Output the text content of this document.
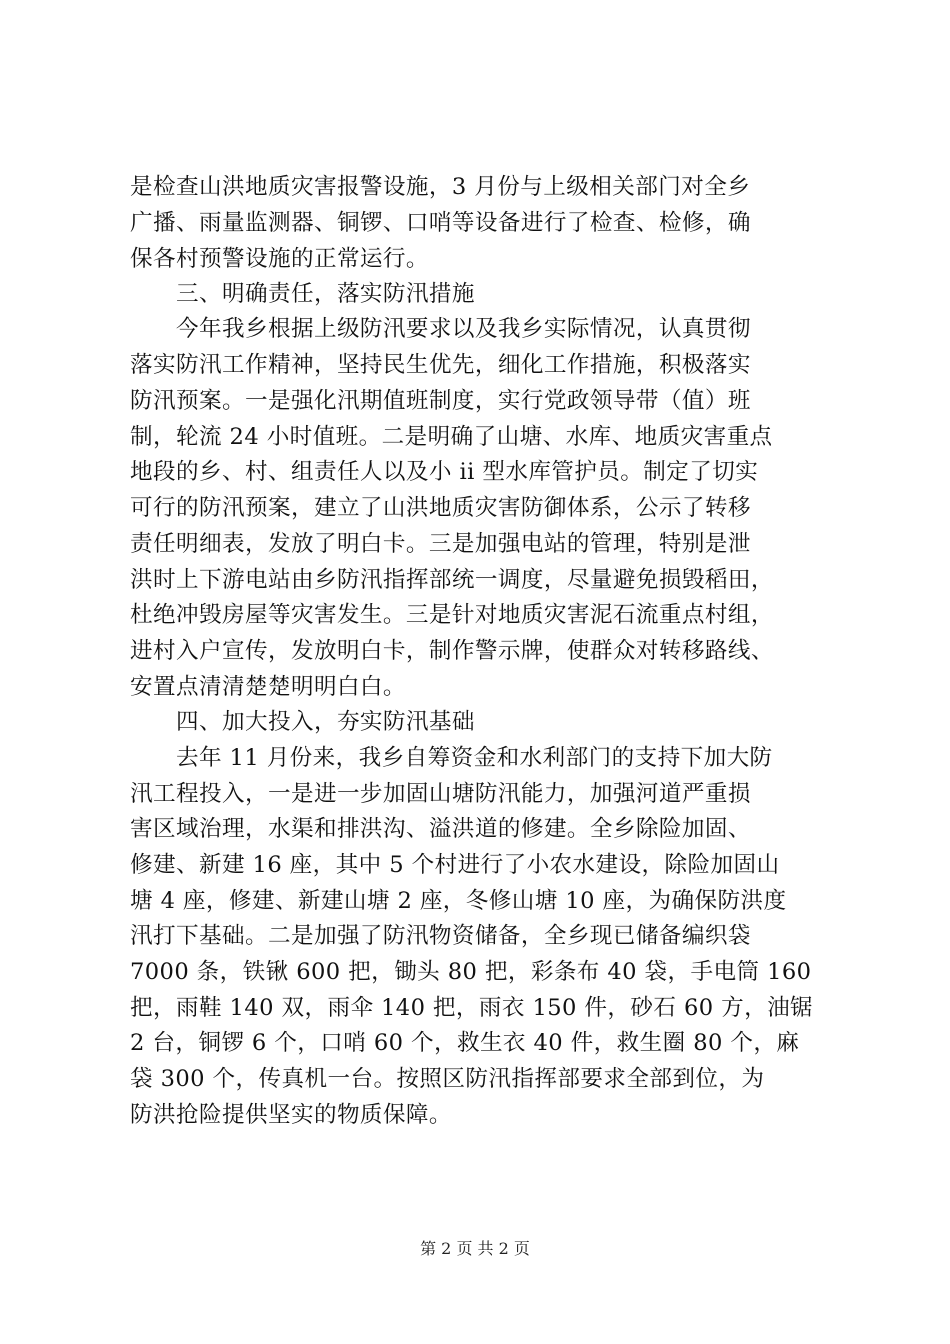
是检查山洪地质灾害报警设施，3 月份与上级相关部门对全乡
广播、雨量监测器、铜锣、口哨等设备进行了检查、检修，确
保各村预警设施的正常运行。
　　三、明确责任，落实防汛措施
　　今年我乡根据上级防汛要求以及我乡实际情况，认真贯彻
落实防汛工作精神，坚持民生优先，细化工作措施，积极落实
防汛预案。一是强化汛期值班制度，实行党政领导带（值）班
制，轮流 24 小时值班。二是明确了山塘、水库、地质灾害重点
地段的乡、村、组责任人以及小 ii 型水库管护员。制定了切实
可行的防汛预案，建立了山洪地质灾害防御体系，公示了转移
责任明细表，发放了明白卡。三是加强电站的管理，特别是泄
洪时上下游电站由乡防汛指挥部统一调度，尽量避免损毁稻田，
杜绝冲毁房屋等灾害发生。三是针对地质灾害泥石流重点村组，
进村入户宣传，发放明白卡，制作警示牌，使群众对转移路线、
安置点清清楚楚明明白白。
　　四、加大投入，夯实防汛基础
　　去年 11 月份来，我乡自筹资金和水利部门的支持下加大防
汛工程投入，一是进一步加固山塘防汛能力，加强河道严重损
害区域治理，水渠和排洪沟、溢洪道的修建。全乡除险加固、
修建、新建 16 座，其中 5 个村进行了小农水建设，除险加固山
塘 4 座，修建、新建山塘 2 座，冬修山塘 10 座，为确保防洪度
汛打下基础。二是加强了防汛物资储备，全乡现已储备编织袋
7000 条，铁锹 600 把，锄头 80 把，彩条布 40 袋，手电筒 160
把，雨鞋 140 双，雨伞 140 把，雨衣 150 件，砂石 60 方，油锯
2 台，铜锣 6 个，口哨 60 个，救生衣 40 件，救生圈 80 个，麻
袋 300 个，传真机一台。按照区防汛指挥部要求全部到位，为
防洪抢险提供坚实的物质保障。
第 2 页 共 2 页
